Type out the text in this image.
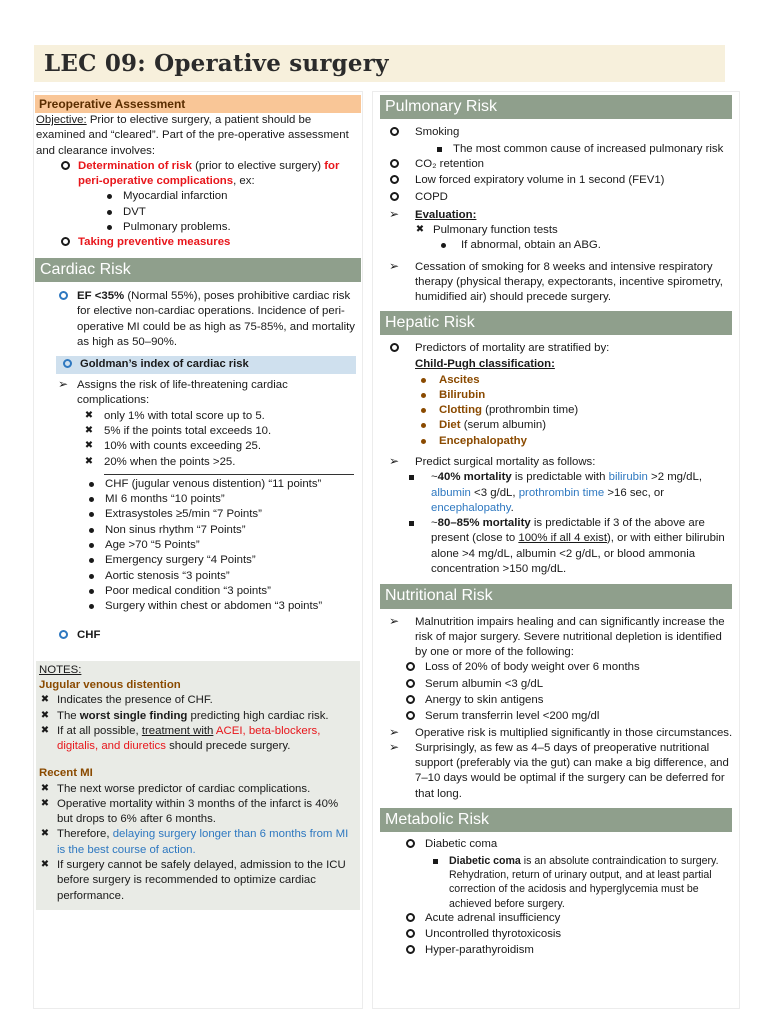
LEC 09: Operative surgery
Preoperative Assessment
Objective: Prior to elective surgery, a patient should be examined and “cleared”. Part of the pre-operative assessment and clearance involves:
Determination of risk (prior to elective surgery) for peri-operative complications, ex:
Myocardial infarction
DVT
Pulmonary problems.
Taking preventive measures
Cardiac Risk
EF <35% (Normal 55%), poses prohibitive cardiac risk for elective non-cardiac operations. Incidence of peri-operative MI could be as high as 75-85%, and mortality as high as 50–90%.
Goldman’s index of cardiac risk
➢ Assigns the risk of life-threatening cardiac complications:
✖ only 1% with total score up to 5.
✖ 5% if the points total exceeds 10.
✖ 10% with counts exceeding 25.
✖ 20% when the points >25.
CHF (jugular venous distention) “11 points”
MI 6 months “10 points”
Extrasystoles ≥5/min “7 Points”
Non sinus rhythm “7 Points”
Age >70 “5 Points”
Emergency surgery “4 Points”
Aortic stenosis “3 points”
Poor medical condition “3 points”
Surgery within chest or abdomen “3 points”
CHF
NOTES:
Jugular venous distention
✖ Indicates the presence of CHF.
✖ The worst single finding predicting high cardiac risk.
✖ If at all possible, treatment with ACEI, beta-blockers, digitalis, and diuretics should precede surgery.
Recent MI
✖ The next worse predictor of cardiac complications.
✖ Operative mortality within 3 months of the infarct is 40% but drops to 6% after 6 months.
✖ Therefore, delaying surgery longer than 6 months from MI is the best course of action.
✖ If surgery cannot be safely delayed, admission to the ICU before surgery is recommended to optimize cardiac performance.
Pulmonary Risk
Smoking
The most common cause of increased pulmonary risk
CO₂ retention
Low forced expiratory volume in 1 second (FEV1)
COPD
➢ Evaluation:
✖ Pulmonary function tests
If abnormal, obtain an ABG.
➢ Cessation of smoking for 8 weeks and intensive respiratory therapy (physical therapy, expectorants, incentive spirometry, humidified air) should precede surgery.
Hepatic Risk
Predictors of mortality are stratified by:
Child-Pugh classification:
Ascites
Bilirubin
Clotting (prothrombin time)
Diet (serum albumin)
Encephalopathy
➢ Predict surgical mortality as follows:
~40% mortality is predictable with bilirubin >2 mg/dL, albumin <3 g/dL, prothrombin time >16 sec, or encephalopathy.
~80–85% mortality is predictable if 3 of the above are present (close to 100% if all 4 exist), or with either bilirubin alone >4 mg/dL, albumin <2 g/dL, or blood ammonia concentration >150 mg/dL.
Nutritional Risk
➢ Malnutrition impairs healing and can significantly increase the risk of major surgery. Severe nutritional depletion is identified by one or more of the following:
Loss of 20% of body weight over 6 months
Serum albumin <3 g/dL
Anergy to skin antigens
Serum transferrin level <200 mg/dl
➢ Operative risk is multiplied significantly in those circumstances.
➢ Surprisingly, as few as 4–5 days of preoperative nutritional support (preferably via the gut) can make a big difference, and 7–10 days would be optimal if the surgery can be deferred for that long.
Metabolic Risk
Diabetic coma
Diabetic coma is an absolute contraindication to surgery. Rehydration, return of urinary output, and at least partial correction of the acidosis and hyperglycemia must be achieved before surgery.
Acute adrenal insufficiency
Uncontrolled thyrotoxicosis
Hyper-parathyroidism
